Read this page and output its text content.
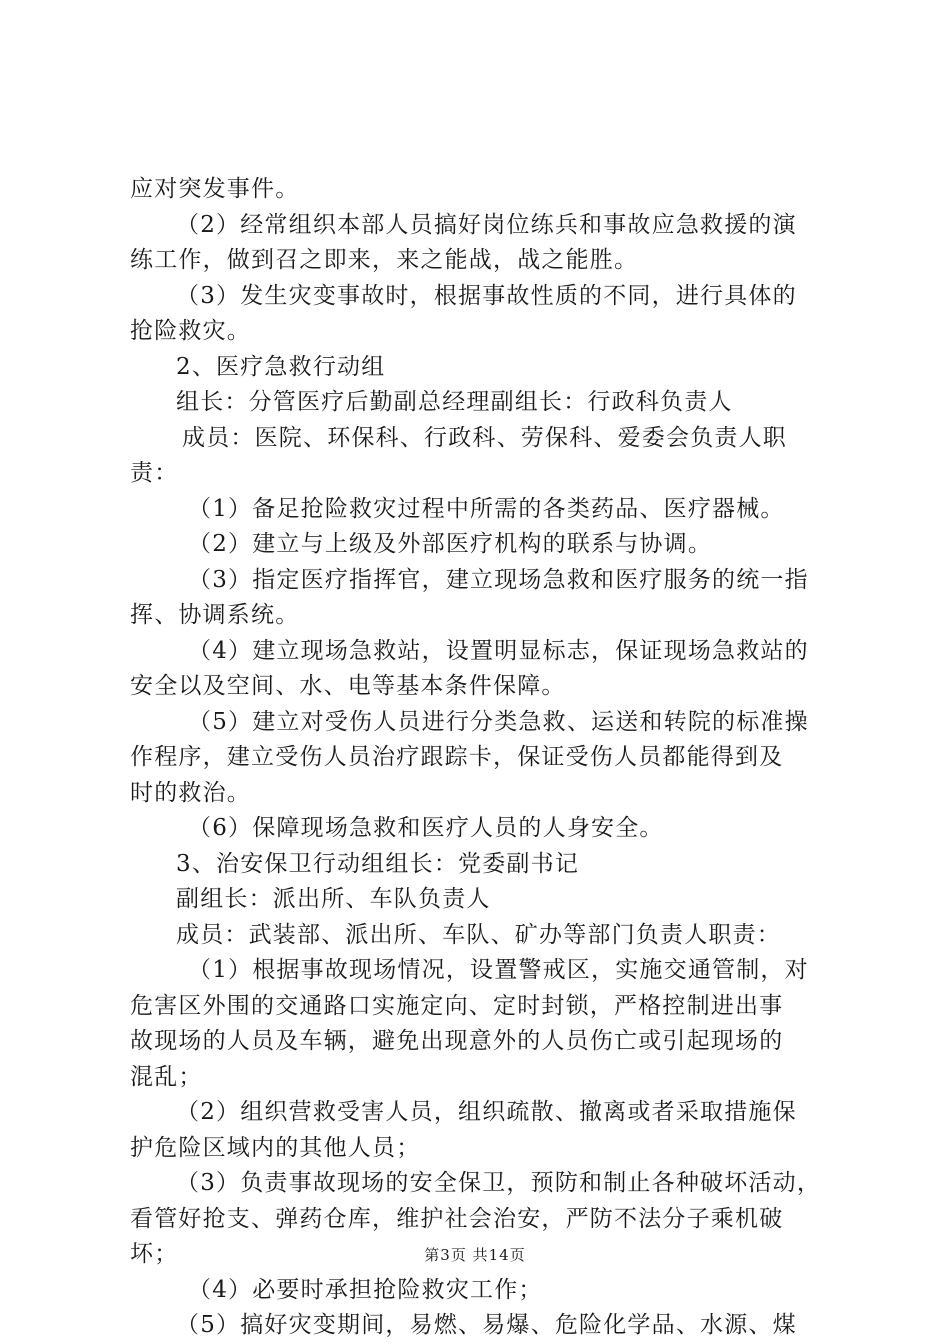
应对突发事件。
（2）经常组织本部人员搞好岗位练兵和事故应急救援的演
练工作，做到召之即来，来之能战，战之能胜。
（3）发生灾变事故时，根据事故性质的不同，进行具体的
抢险救灾。
2、医疗急救行动组
组长：分管医疗后勤副总经理副组长：行政科负责人
成员：医院、环保科、行政科、劳保科、爱委会负责人职
责：
（1）备足抢险救灾过程中所需的各类药品、医疗器械。
（2）建立与上级及外部医疗机构的联系与协调。
（3）指定医疗指挥官，建立现场急救和医疗服务的统一指
挥、协调系统。
（4）建立现场急救站，设置明显标志，保证现场急救站的
安全以及空间、水、电等基本条件保障。
（5）建立对受伤人员进行分类急救、运送和转院的标准操
作程序，建立受伤人员治疗跟踪卡，保证受伤人员都能得到及
时的救治。
（6）保障现场急救和医疗人员的人身安全。
3、治安保卫行动组组长：党委副书记
副组长：派出所、车队负责人
成员：武装部、派出所、车队、矿办等部门负责人职责：
（1）根据事故现场情况，设置警戒区，实施交通管制，对
危害区外围的交通路口实施定向、定时封锁，严格控制进出事
故现场的人员及车辆，避免出现意外的人员伤亡或引起现场的
混乱；
（2）组织营救受害人员，组织疏散、撤离或者采取措施保
护危险区域内的其他人员；
（3）负责事故现场的安全保卫，预防和制止各种破坏活动，
看管好抢支、弹药仓库，维护社会治安，严防不法分子乘机破
坏；
（4）必要时承担抢险救灾工作；
（5）搞好灾变期间，易燃、易爆、危险化学品、水源、煤
第3页 共14页
